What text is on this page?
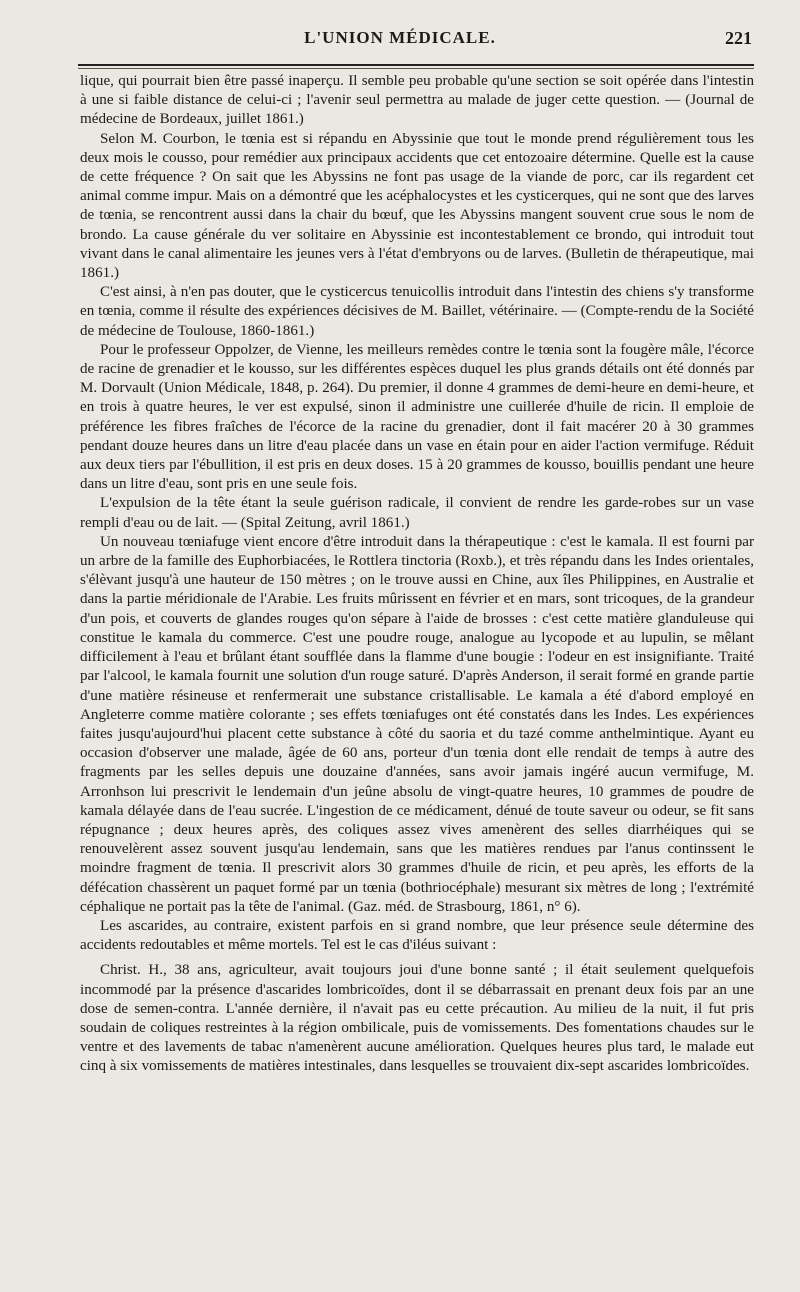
L'UNION MÉDICALE.	221

lique, qui pourrait bien être passé inaperçu. Il semble peu probable qu'une section se soit opérée dans l'intestin à une si faible distance de celui-ci ; l'avenir seul permettra au malade de juger cette question. — (Journal de médecine de Bordeaux, juillet 1861.)

Selon M. Courbon, le tœnia est si répandu en Abyssinie que tout le monde prend régulièrement tous les deux mois le cousso, pour remédier aux principaux accidents que cet entozoaire détermine. Quelle est la cause de cette fréquence ? On sait que les Abyssins ne font pas usage de la viande de porc, car ils regardent cet animal comme impur. Mais on a démontré que les acéphalocystes et les cysticerques, qui ne sont que des larves de tœnia, se rencontrent aussi dans la chair du bœuf, que les Abyssins mangent souvent crue sous le nom de brondo. La cause générale du ver solitaire en Abyssinie est incontestablement ce brondo, qui introduit tout vivant dans le canal alimentaire les jeunes vers à l'état d'embryons ou de larves. (Bulletin de thérapeutique, mai 1861.)

C'est ainsi, à n'en pas douter, que le cysticercus tenuicollis introduit dans l'intestin des chiens s'y transforme en tœnia, comme il résulte des expériences décisives de M. Baillet, vétérinaire. — (Compte-rendu de la Société de médecine de Toulouse, 1860-1861.)

Pour le professeur Oppolzer, de Vienne, les meilleurs remèdes contre le tœnia sont la fougère mâle, l'écorce de racine de grenadier et le kousso, sur les différentes espèces duquel les plus grands détails ont été donnés par M. Dorvault (Union Médicale, 1848, p. 264). Du premier, il donne 4 grammes de demi-heure en demi-heure, et en trois à quatre heures, le ver est expulsé, sinon il administre une cuillerée d'huile de ricin. Il emploie de préférence les fibres fraîches de l'écorce de la racine du grenadier, dont il fait macérer 20 à 30 grammes pendant douze heures dans un litre d'eau placée dans un vase en étain pour en aider l'action vermifuge. Réduit aux deux tiers par l'ébullition, il est pris en deux doses. 15 à 20 grammes de kousso, bouillis pendant une heure dans un litre d'eau, sont pris en une seule fois.

L'expulsion de la tête étant la seule guérison radicale, il convient de rendre les garde-robes sur un vase rempli d'eau ou de lait. — (Spital Zeitung, avril 1861.)

Un nouveau tœniafuge vient encore d'être introduit dans la thérapeutique : c'est le kamala. Il est fourni par un arbre de la famille des Euphorbiacées, le Rottlera tinctoria (Roxb.), et très répandu dans les Indes orientales, s'élèvant jusqu'à une hauteur de 150 mètres ; on le trouve aussi en Chine, aux îles Philippines, en Australie et dans la partie méridionale de l'Arabie. Les fruits mûrissent en février et en mars, sont tricoques, de la grandeur d'un pois, et couverts de glandes rouges qu'on sépare à l'aide de brosses : c'est cette matière glanduleuse qui constitue le kamala du commerce. C'est une poudre rouge, analogue au lycopode et au lupulin, se mêlant difficilement à l'eau et brûlant étant soufflée dans la flamme d'une bougie : l'odeur en est insignifiante. Traité par l'alcool, le kamala fournit une solution d'un rouge saturé. D'après Anderson, il serait formé en grande partie d'une matière résineuse et renfermerait une substance cristallisable. Le kamala a été d'abord employé en Angleterre comme matière colorante ; ses effets tœniafuges ont été constatés dans les Indes. Les expériences faites jusqu'aujourd'hui placent cette substance à côté du saoria et du tazé comme anthelmintique. Ayant eu occasion d'observer une malade, âgée de 60 ans, porteur d'un tœnia dont elle rendait de temps à autre des fragments par les selles depuis une douzaine d'années, sans avoir jamais ingéré aucun vermifuge, M. Arronhson lui prescrivit le lendemain d'un jeûne absolu de vingt-quatre heures, 10 grammes de poudre de kamala délayée dans de l'eau sucrée. L'ingestion de ce médicament, dénué de toute saveur ou odeur, se fit sans répugnance ; deux heures après, des coliques assez vives amenèrent des selles diarrhéiques qui se renouvelèrent assez souvent jusqu'au lendemain, sans que les matières rendues par l'anus continssent le moindre fragment de tœnia. Il prescrivit alors 30 grammes d'huile de ricin, et peu après, les efforts de la défécation chassèrent un paquet formé par un tœnia (bothriocéphale) mesurant six mètres de long ; l'extrémité céphalique ne portait pas la tête de l'animal. (Gaz. méd. de Strasbourg, 1861, n° 6).

Les ascarides, au contraire, existent parfois en si grand nombre, que leur présence seule détermine des accidents redoutables et même mortels. Tel est le cas d'iléus suivant :

Christ. H., 38 ans, agriculteur, avait toujours joui d'une bonne santé ; il était seulement quelquefois incommodé par la présence d'ascarides lombricoïdes, dont il se débarrassait en prenant deux fois par an une dose de semen-contra. L'année dernière, il n'avait pas eu cette précaution. Au milieu de la nuit, il fut pris soudain de coliques restreintes à la région ombilicale, puis de vomissements. Des fomentations chaudes sur le ventre et des lavements de tabac n'amenèrent aucune amélioration. Quelques heures plus tard, le malade eut cinq à six vomissements de matières intestinales, dans lesquelles se trouvaient dix-sept ascarides lombricoïdes.
